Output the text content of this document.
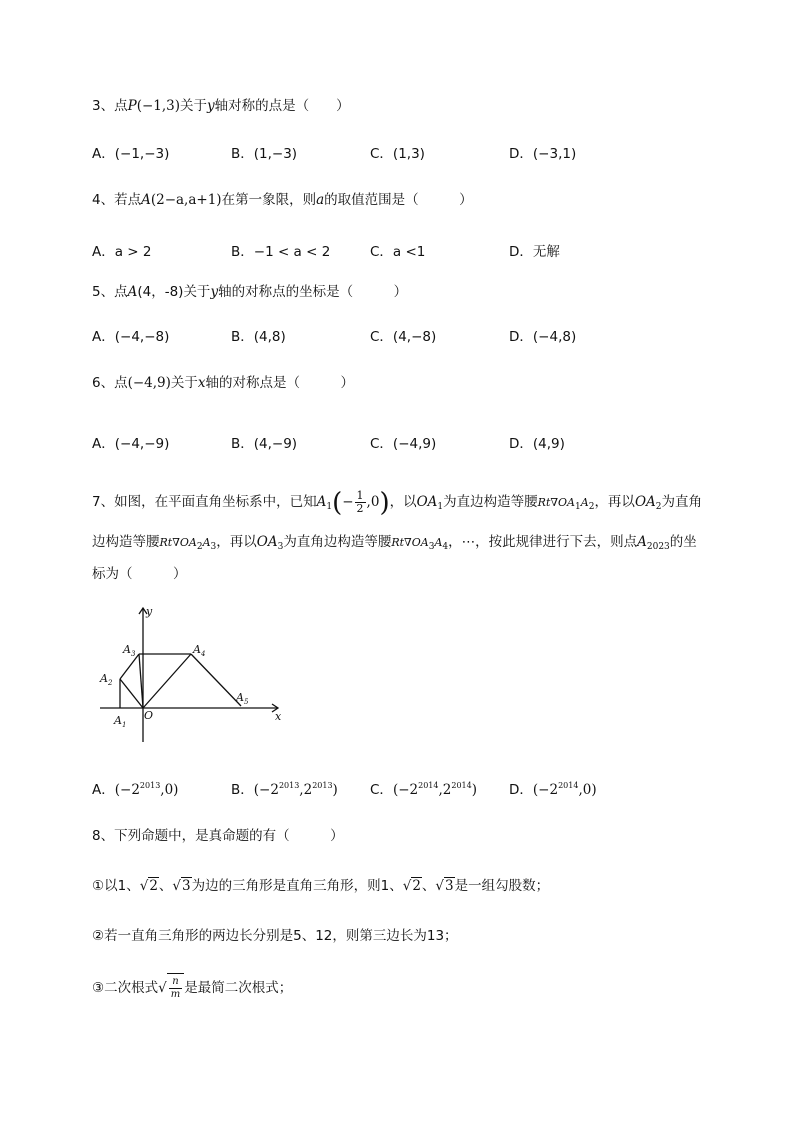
3、点P(−1,3)关于y轴对称的点是（　　）
A．(−1,−3)	B．(1,−3)	C．(1,3)	D．(−3,1)
4、若点A(2−a,a+1)在第一象限，则a的取值范围是（　　　）
A．a > 2	B．−1 < a < 2	C．a <1	D．无解
5、点A(4，-8)关于y轴的对称点的坐标是（　　　）
A．(−4,−8)	B．(4,8)	C．(4,−8)	D．(−4,8)
6、点(−4,9)关于x轴的对称点是（　　　）
A．(−4,−9)	B．(4,−9)	C．(−4,9)	D．(4,9)
7、如图，在平面直角坐标系中，已知$A_1(- \frac{1}{2} ,0)$，以$OA_1$为直边构造等腰$Rt\nabla OA_1A_2$，再以$OA_2$为直角
边构造等腰$Rt\nabla OA_2A_3$，再以$OA_3$为直角边构造等腰$Rt\nabla OA_3A_4$，⋯，按此规律进行下去，则点$A_{2023}$的坐
标为（　　　）
y
x
O
A 1
A 2
A 3	A 4
A 5
A．$(-2^{2013},0)$	B．$(-2^{2013},2^{2013})$ C．$(-2^{2014},2^{2014})$ D．$(-2^{2014},0)$
8、下列命题中，是真命题的有（　　　）
①以1、√2、√3为边的三角形是直角三角形，则1、√2、√3是一组勾股数；
②若一直角三角形的两边长分别是5、12，则第三边长为13；
③二次根式√ $\frac{n}{m}$ 是最简二次根式；
